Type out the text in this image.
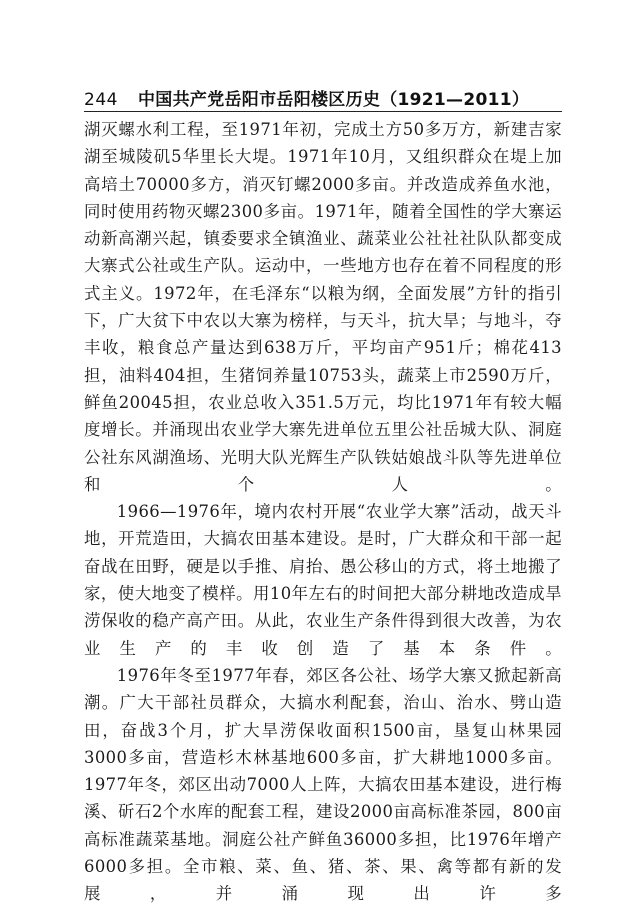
244	中国共产党岳阳市岳阳楼区历史（1921—2011）

湖灭螺水利工程，至1971年初，完成土方50多万方，新建吉家湖至城陵矶5华里长大堤。1971年10月，又组织群众在堤上加高培土70000多方，消灭钉螺2000多亩。并改造成养鱼水池，同时使用药物灭螺2300多亩。1971年，随着全国性的学大寨运动新高潮兴起，镇委要求全镇渔业、蔬菜业公社社社队队都变成大寨式公社或生产队。运动中，一些地方也存在着不同程度的形式主义。1972年，在毛泽东“以粮为纲，全面发展”方针的指引下，广大贫下中农以大寨为榜样，与天斗，抗大旱；与地斗，夺丰收，粮食总产量达到638万斤，平均亩产951斤；棉花413担，油料404担，生猪饲养量10753头，蔬菜上市2590万斤，鲜鱼20045担，农业总收入351.5万元，均比1971年有较大幅度增长。并涌现出农业学大寨先进单位五里公社岳城大队、洞庭公社东风湖渔场、光明大队光辉生产队铁姑娘战斗队等先进单位和个人。

1966—1976年，境内农村开展“农业学大寨”活动，战天斗地，开荒造田，大搞农田基本建设。是时，广大群众和干部一起奋战在田野，硬是以手推、肩抬、愚公移山的方式，将土地搬了家，使大地变了模样。用10年左右的时间把大部分耕地改造成旱涝保收的稳产高产田。从此，农业生产条件得到很大改善，为农业生产的丰收创造了基本条件。

1976年冬至1977年春，郊区各公社、场学大寨又掀起新高潮。广大干部社员群众，大搞水利配套，治山、治水、劈山造田，奋战3个月，扩大旱涝保收面积1500亩，垦复山林果园3000多亩，营造杉木林基地600多亩，扩大耕地1000多亩。1977年冬，郊区出动7000人上阵，大搞农田基本建设，进行梅溪、斫石2个水库的配套工程，建设2000亩高标准茶园，800亩高标准蔬菜基地。洞庭公社产鲜鱼36000多担，比1976年增产6000多担。全市粮、菜、鱼、猪、茶、果、禽等都有新的发展，并涌现出许多
